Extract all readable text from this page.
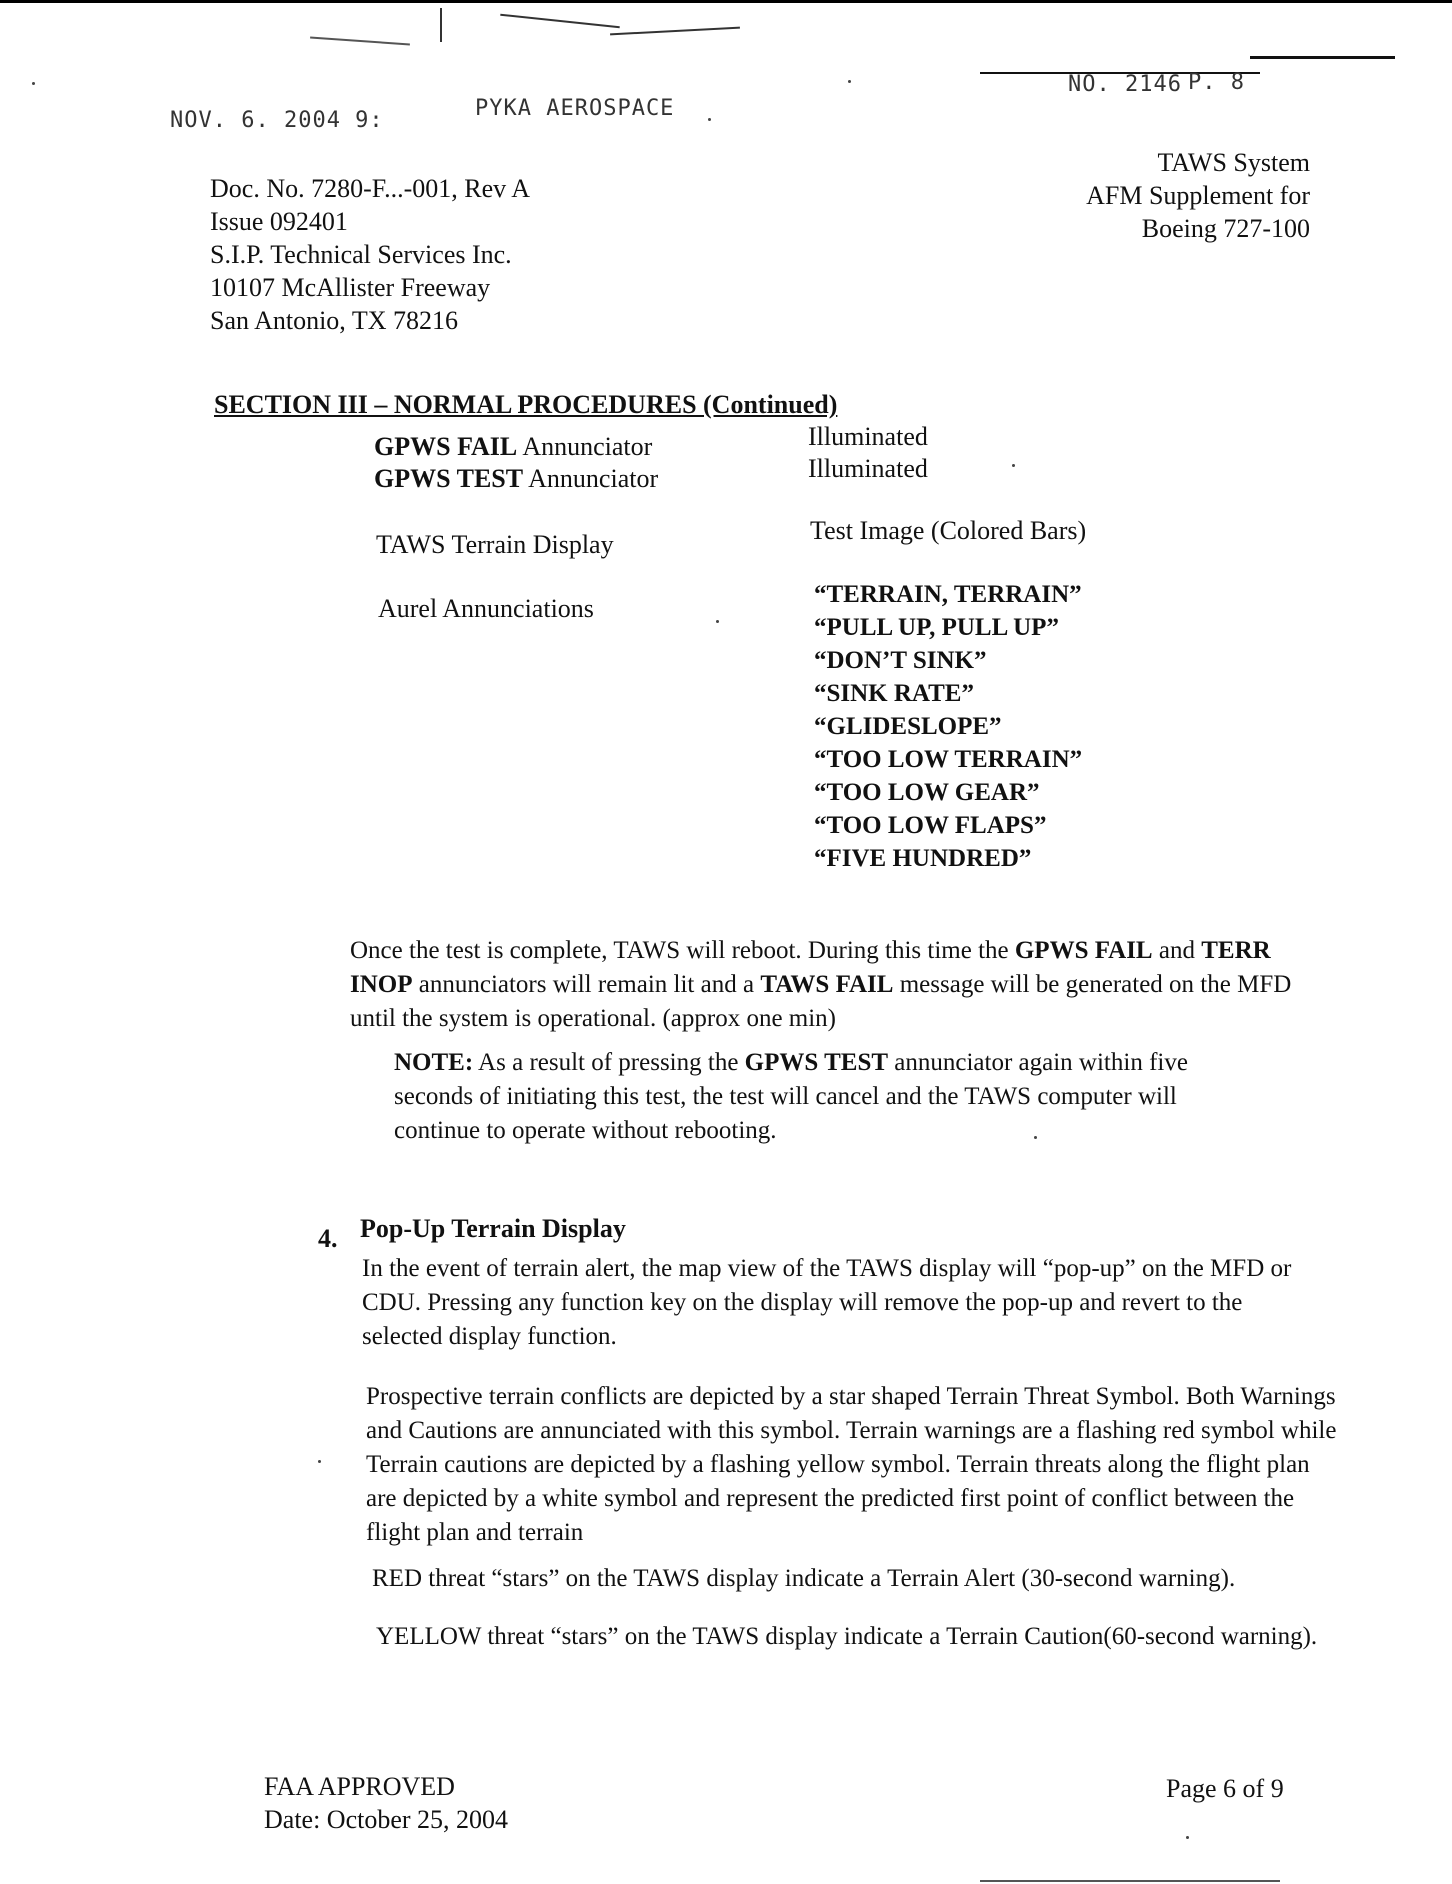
NOV. 6. 2004 9:	PYKA AEROSPACE
NO. 2146 P. 8
Doc. No. 7280-F...-001, Rev A
Issue 092401
S.I.P. Technical Services Inc.
10107 McAllister Freeway
San Antonio, TX 78216
TAWS System
AFM Supplement for
Boeing 727-100
SECTION III – NORMAL PROCEDURES (Continued)
GPWS FAIL Annunciator	Illuminated
GPWS TEST Annunciator	Illuminated
TAWS Terrain Display	Test Image (Colored Bars)
Aurel Annunciations	“TERRAIN, TERRAIN”
“PULL UP, PULL UP”
“DON’T SINK”
“SINK RATE”
“GLIDESLOPE”
“TOO LOW TERRAIN”
“TOO LOW GEAR”
“TOO LOW FLAPS”
“FIVE HUNDRED”
Once the test is complete, TAWS will reboot. During this time the GPWS FAIL and TERR INOP annunciators will remain lit and a TAWS FAIL message will be generated on the MFD until the system is operational. (approx one min)
NOTE: As a result of pressing the GPWS TEST annunciator again within five seconds of initiating this test, the test will cancel and the TAWS computer will continue to operate without rebooting.
4. Pop-Up Terrain Display
In the event of terrain alert, the map view of the TAWS display will “pop-up” on the MFD or CDU. Pressing any function key on the display will remove the pop-up and revert to the selected display function.
Prospective terrain conflicts are depicted by a star shaped Terrain Threat Symbol. Both Warnings and Cautions are annunciated with this symbol. Terrain warnings are a flashing red symbol while Terrain cautions are depicted by a flashing yellow symbol. Terrain threats along the flight plan are depicted by a white symbol and represent the predicted first point of conflict between the flight plan and terrain
RED threat “stars” on the TAWS display indicate a Terrain Alert (30-second warning).
YELLOW threat “stars” on the TAWS display indicate a Terrain Caution(60-second warning).
FAA APPROVED
Date: October 25, 2004
Page 6 of 9
